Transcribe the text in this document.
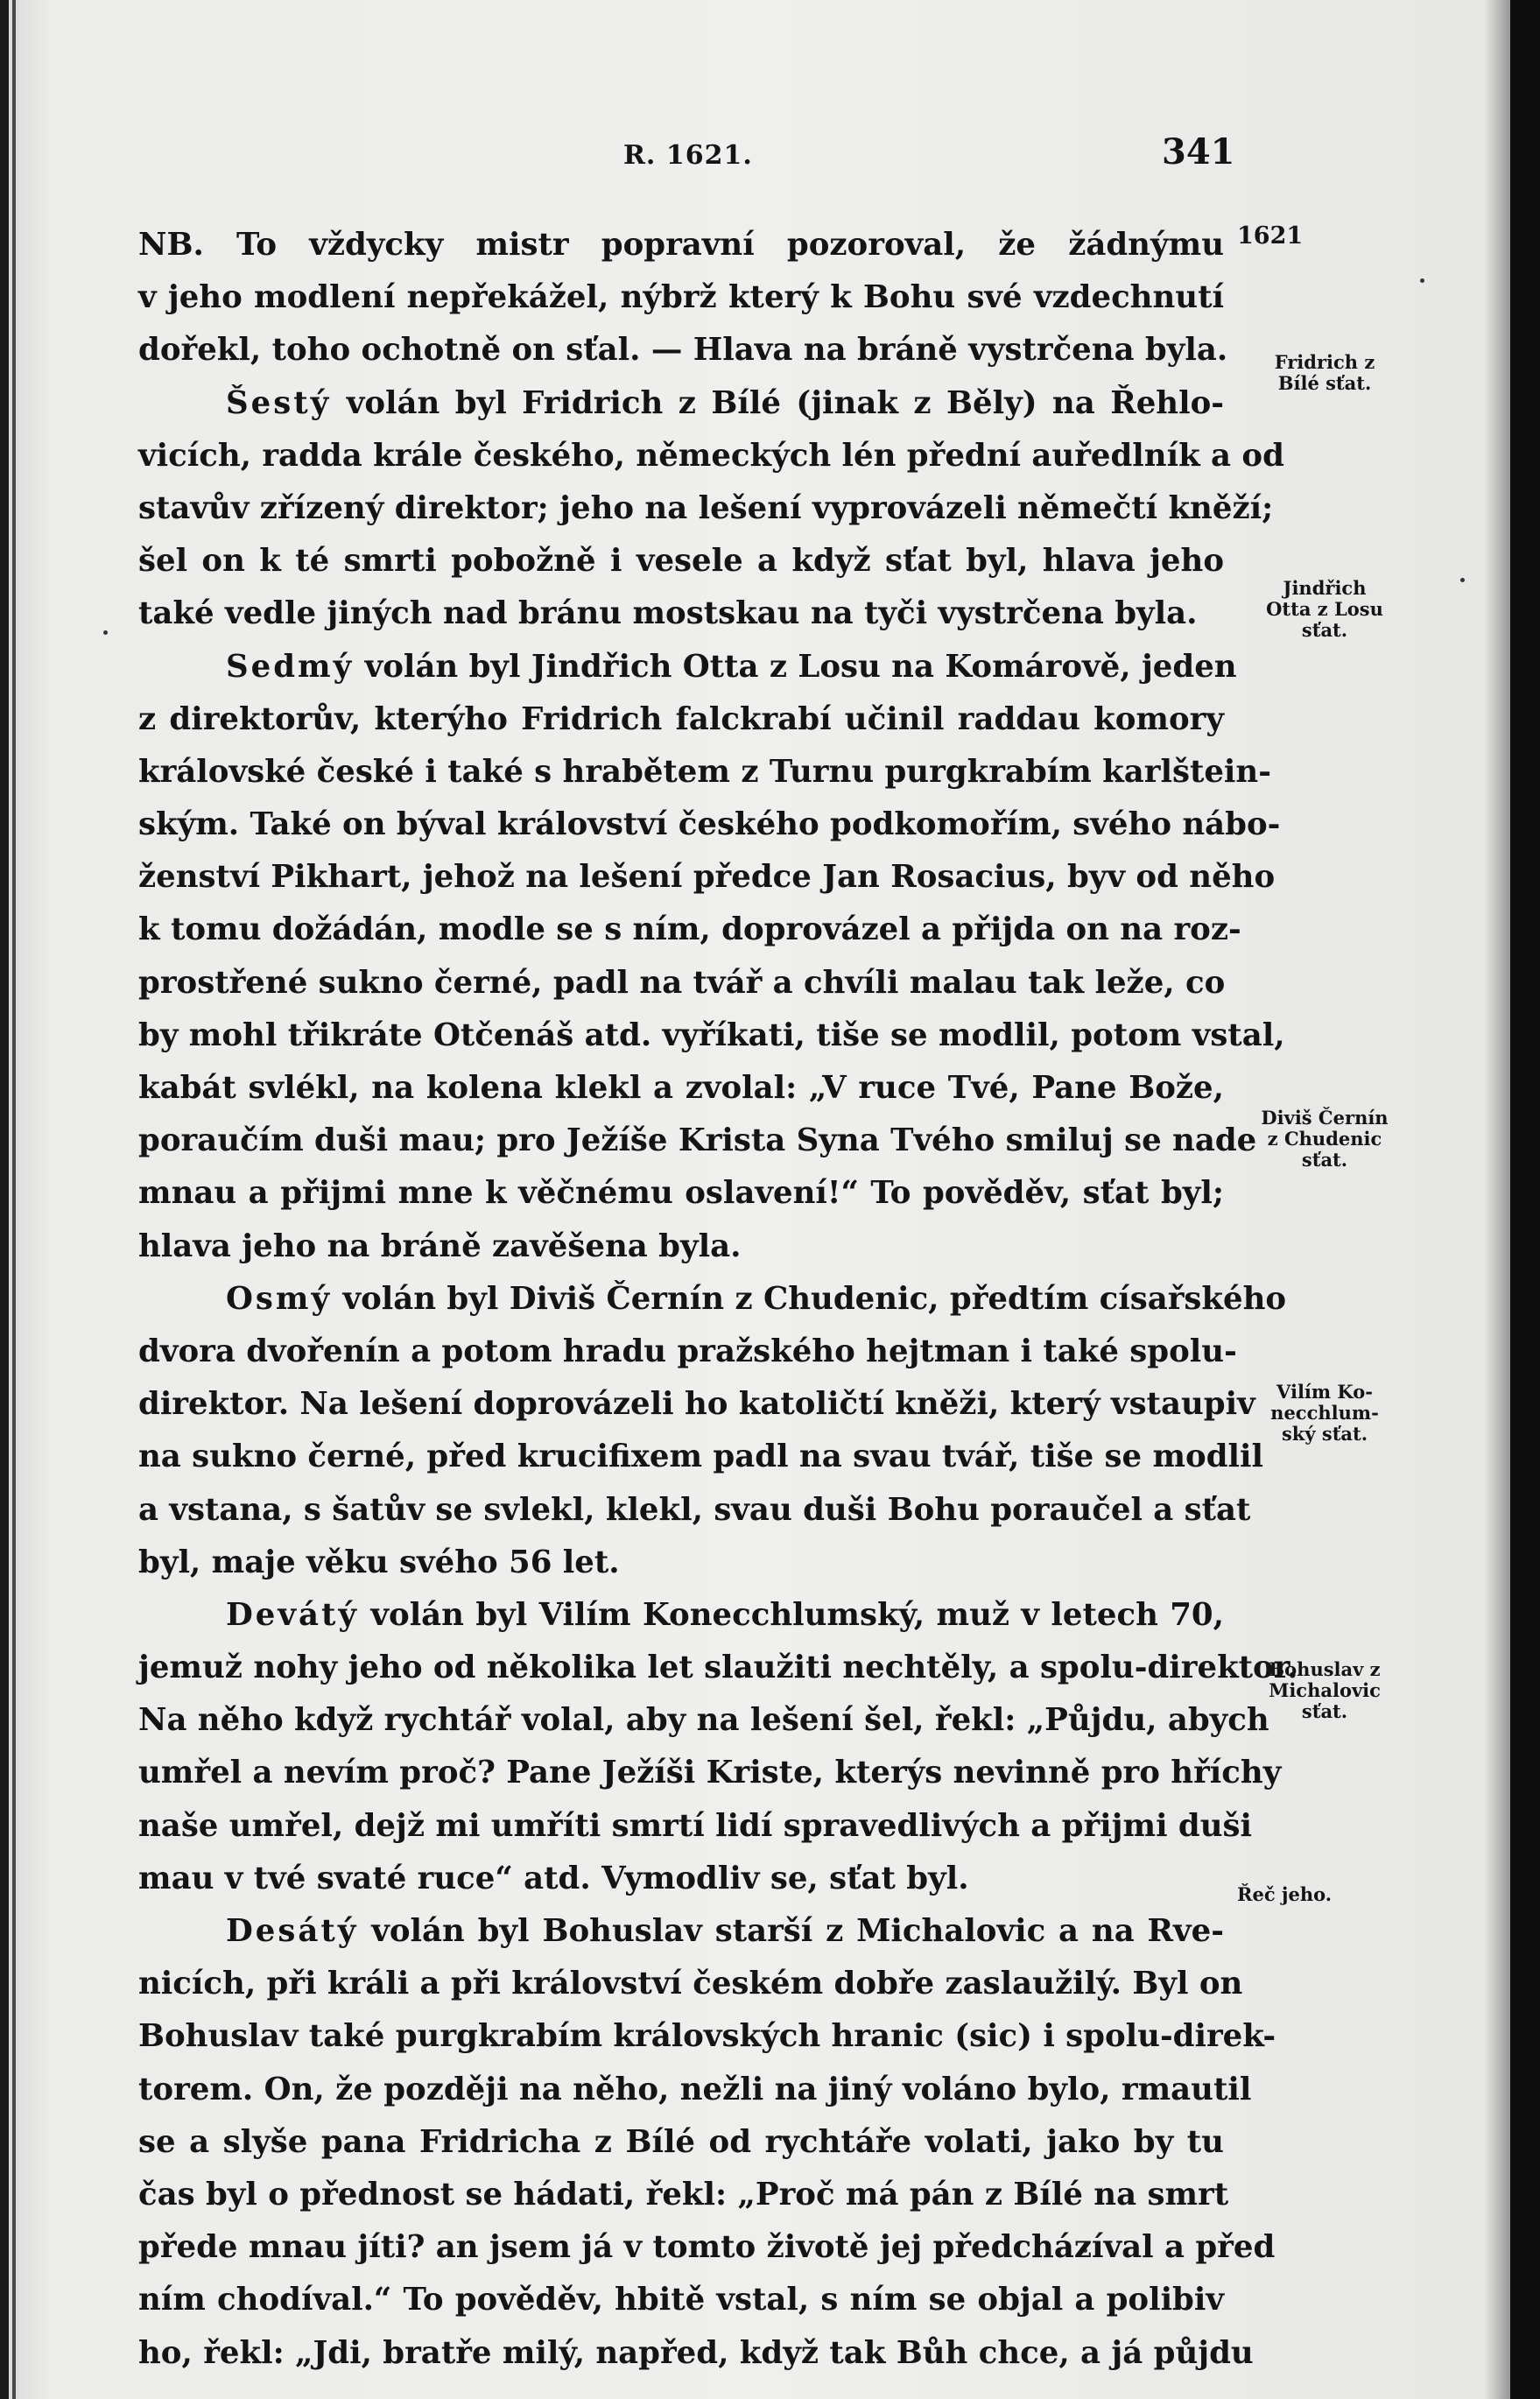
R. 1621.	341
NB. To vždycky mistr popravní pozoroval, že žádnýmu
v jeho modlení nepřekážel, nýbrž který k Bohu své vzdechnutí
dořekl, toho ochotně on sťal. — Hlava na bráně vystrčena byla.
Šestý volán byl Fridrich z Bílé (jinak z Běly) na Řehlo-
vicích, radda krále českého, německých lén přední auředlník a od
stavův zřízený direktor; jeho na lešení vyprovázeli němečtí kněží;
šel on k té smrti pobožně i vesele a když sťat byl, hlava jeho
také vedle jiných nad bránu mostskau na tyči vystrčena byla.
Sedmý volán byl Jindřich Otta z Losu na Komárově, jeden
z direktorův, kterýho Fridrich falckrabí učinil raddau komory
královské české i také s hrabětem z Turnu purgkrabím karlštein-
ským. Také on býval království českého podkomořím, svého nábo-
ženství Pikhart, jehož na lešení předce Jan Rosacius, byv od něho
k tomu dožádán, modle se s ním, doprovázel a přijda on na roz-
prostřené sukno černé, padl na tvář a chvíli malau tak leže, co
by mohl třikráte Otčenáš atd. vyříkati, tiše se modlil, potom vstal,
kabát svlékl, na kolena klekl a zvolal: „V ruce Tvé, Pane Bože,
poraučím duši mau; pro Ježíše Krista Syna Tvého smiluj se nade
mnau a přijmi mne k věčnému oslavení!“ To pověděv, sťat byl;
hlava jeho na bráně zavěšena byla.
Osmý volán byl Diviš Černín z Chudenic, předtím císařského
dvora dvořenín a potom hradu pražského hejtman i také spolu-
direktor. Na lešení doprovázeli ho katoličtí kněži, který vstaupiv
na sukno černé, před krucifixem padl na svau tvář, tiše se modlil
a vstana, s šatův se svlekl, klekl, svau duši Bohu poraučel a sťat
byl, maje věku svého 56 let.
Devátý volán byl Vilím Konecchlumský, muž v letech 70,
jemuž nohy jeho od několika let slaužiti nechtěly, a spolu-direktor.
Na něho když rychtář volal, aby na lešení šel, řekl: „Půjdu, abych
umřel a nevím proč? Pane Ježíši Kriste, kterýs nevinně pro hříchy
naše umřel, dejž mi umříti smrtí lidí spravedlivých a přijmi duši
mau v tvé svaté ruce“ atd. Vymodliv se, sťat byl.
Desátý volán byl Bohuslav starší z Michalovic a na Rve-
nicích, při králi a při království českém dobře zaslaužilý. Byl on
Bohuslav také purgkrabím královských hranic (sic) i spolu-direk-
torem. On, že později na něho, nežli na jiný voláno bylo, rmautil
se a slyše pana Fridricha z Bílé od rychtáře volati, jako by tu
čas byl o přednost se hádati, řekl: „Proč má pán z Bílé na smrt
přede mnau jíti? an jsem já v tomto životě jej předcházíval a před
ním chodíval.“ To pověděv, hbitě vstal, s ním se objal a polibiv
ho, řekl: „Jdi, bratře milý, napřed, když tak Bůh chce, a já půjdu
1621
Fridrich z
Bílé sťat.
Jindřich
Otta z Losu
sťat.
Diviš Černín
z Chudenic
sťat.
Vilím Ko-
necchlum-
ský sťat.
Bohuslav z
Michalovic
sťat.
Řeč jeho.
